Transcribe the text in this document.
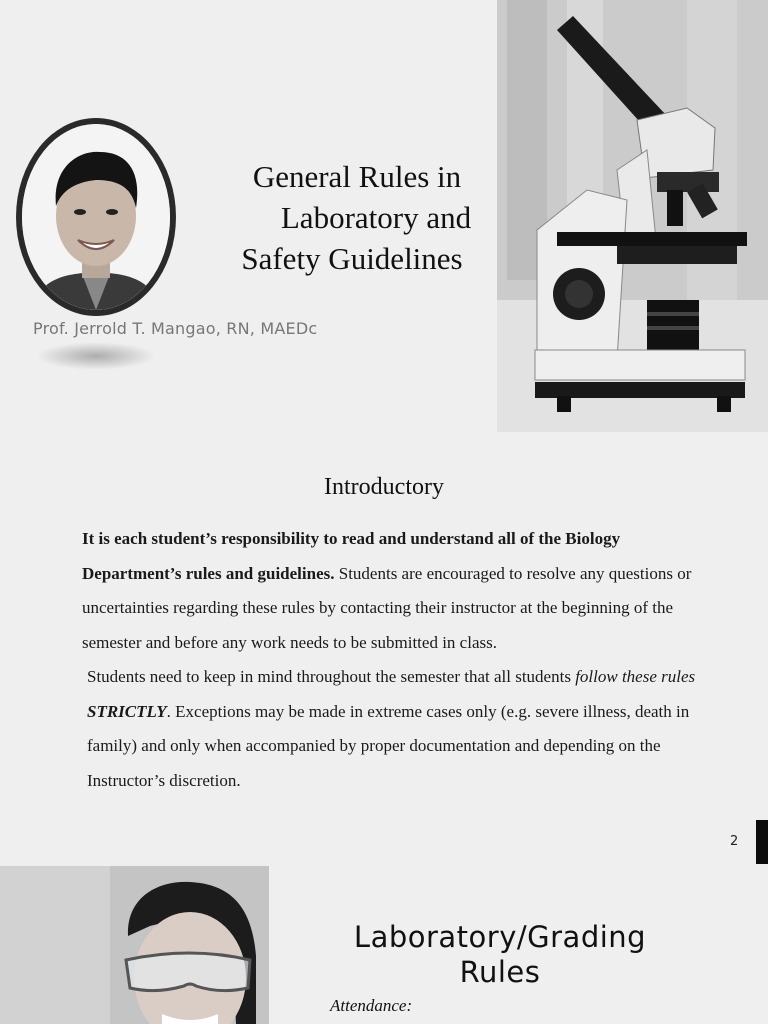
General Rules in
Laboratory and
Safety Guidelines
Prof. Jerrold T. Mangao, RN, MAEDc
Introductory

It is each student’s responsibility to read and understand all of the Biology Department’s rules and guidelines. Students are encouraged to resolve any questions or uncertainties regarding these rules by contacting their instructor at the beginning of the semester and before any work needs to be submitted in class.

Students need to keep in mind throughout the semester that all students follow these rules STRICTLY. Exceptions may be made in extreme cases only (e.g. severe illness, death in family) and only when accompanied by proper documentation and depending on the Instructor’s discretion.

2
Laboratory/Grading
Rules
Attendance:
